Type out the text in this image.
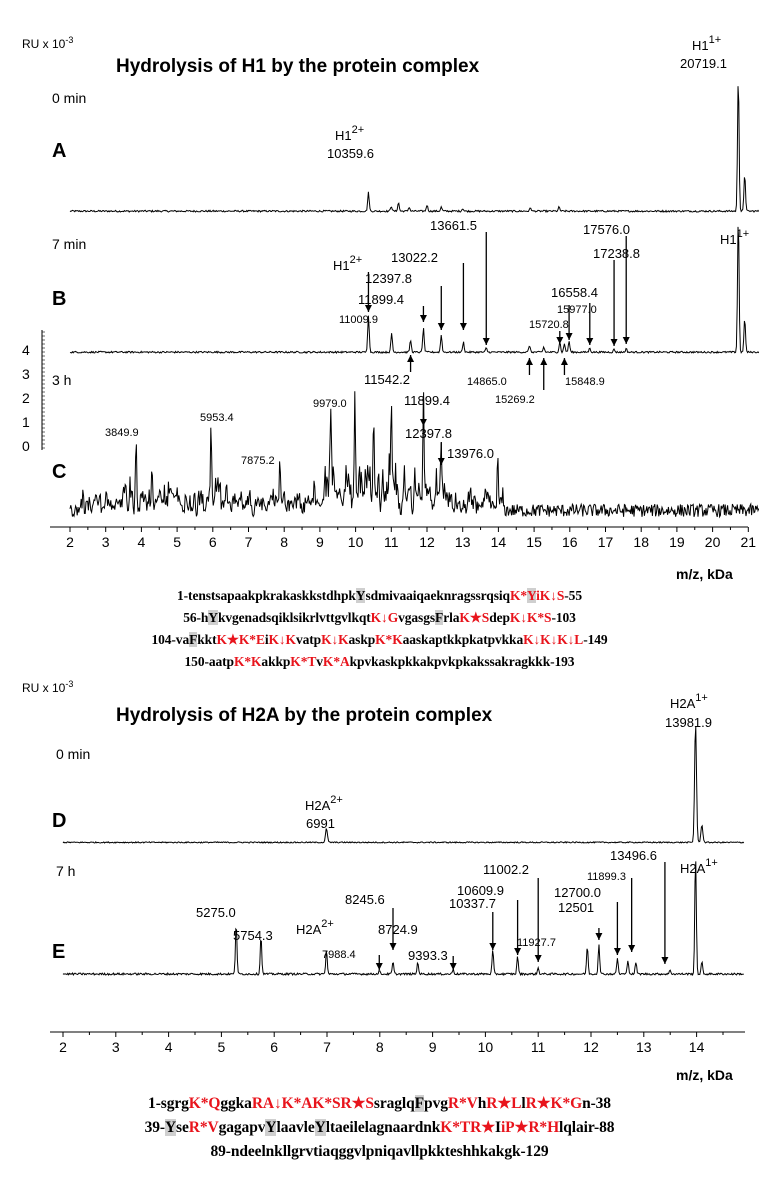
RU x $10^{-3}$
Hydrolysis of H1 by the protein complex
0 min
A
7 min
B
3 h
C
$H1^{2+}$
10359.6
$H1^{1+}$
20719.1
$H1^{2+}$
$H1^{1+}$
11009.9
11899.4
12397.8
13022.2
13661.5
15720.8
15977.0
16558.4
17238.8
17576.0
11542.2	14865.0
15269.2
15848.9
3849.9
5953.4
7875.2
9979.0	11899.4
12397.8
13976.0
4
3
2
1
0
2 3 4 5 6 7 8 9 10 11 12 13 14 15 16 17 18 19 20 21
m/z, kDa
RU x $10^{-3}$
Hydrolysis of H2A by the protein complex
0 min
D
7 h
E
$H2A^{2+}$
6991
$H2A^{1+}$
13981.9
$H2A^{2+}$
$H2A^{1+}$
5275.0
5754.3
7988.4
8245.6
8724.9
9393.3
10337.7
10609.9
11002.2
11927.7
12501
12700.0
11899.3
13496.6
2	3	4	5	6	7	8	9	10	11	12	13	14
m/z, kDa
1-tenstsapaakpkrakaskkstdhpkYsdmivaaiqaeknragssrqsiqK*YiK↓S-55
56-hYkvgenadsqiklsikrlvttgvlkqtK↓GvgasgsFrlaK★SdepK↓K*S-103
104-vaFkktK★K*EiK↓KvatpK↓KaskpK*KaaskaptkkpkatpvkkaK↓K↓K↓L-149
150-aatpK*KakkpK*TvK*Akpvkaskpkkakpvkpkakssakragkkk-193
1-sgrgK*QggkaRA↓K*AK*SR★SsraglqFpvgR*VhR★LlR★K*Gn-38
39-YseR*VgagapvYlaavleYltaeilelagnaardnkK*TR★IiP★R*Hlqlair-88
89-ndeelnkllgrvtiaqggvlpniqavllpkkteshhkakgk-129
